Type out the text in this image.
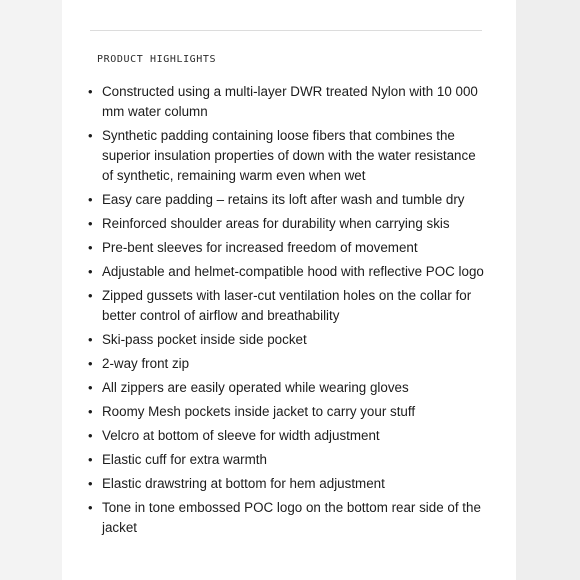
PRODUCT HIGHLIGHTS
• Constructed using a multi-layer DWR treated Nylon with 10 000 mm water column
• Synthetic padding containing loose fibers that combines the superior insulation properties of down with the water resistance of synthetic, remaining warm even when wet
• Easy care padding – retains its loft after wash and tumble dry
• Reinforced shoulder areas for durability when carrying skis
• Pre-bent sleeves for increased freedom of movement
• Adjustable and helmet-compatible hood with reflective POC logo
• Zipped gussets with laser-cut ventilation holes on the collar for better control of airflow and breathability
• Ski-pass pocket inside side pocket
• 2-way front zip
• All zippers are easily operated while wearing gloves
• Roomy Mesh pockets inside jacket to carry your stuff
• Velcro at bottom of sleeve for width adjustment
• Elastic cuff for extra warmth
• Elastic drawstring at bottom for hem adjustment
• Tone in tone embossed POC logo on the bottom rear side of the jacket
